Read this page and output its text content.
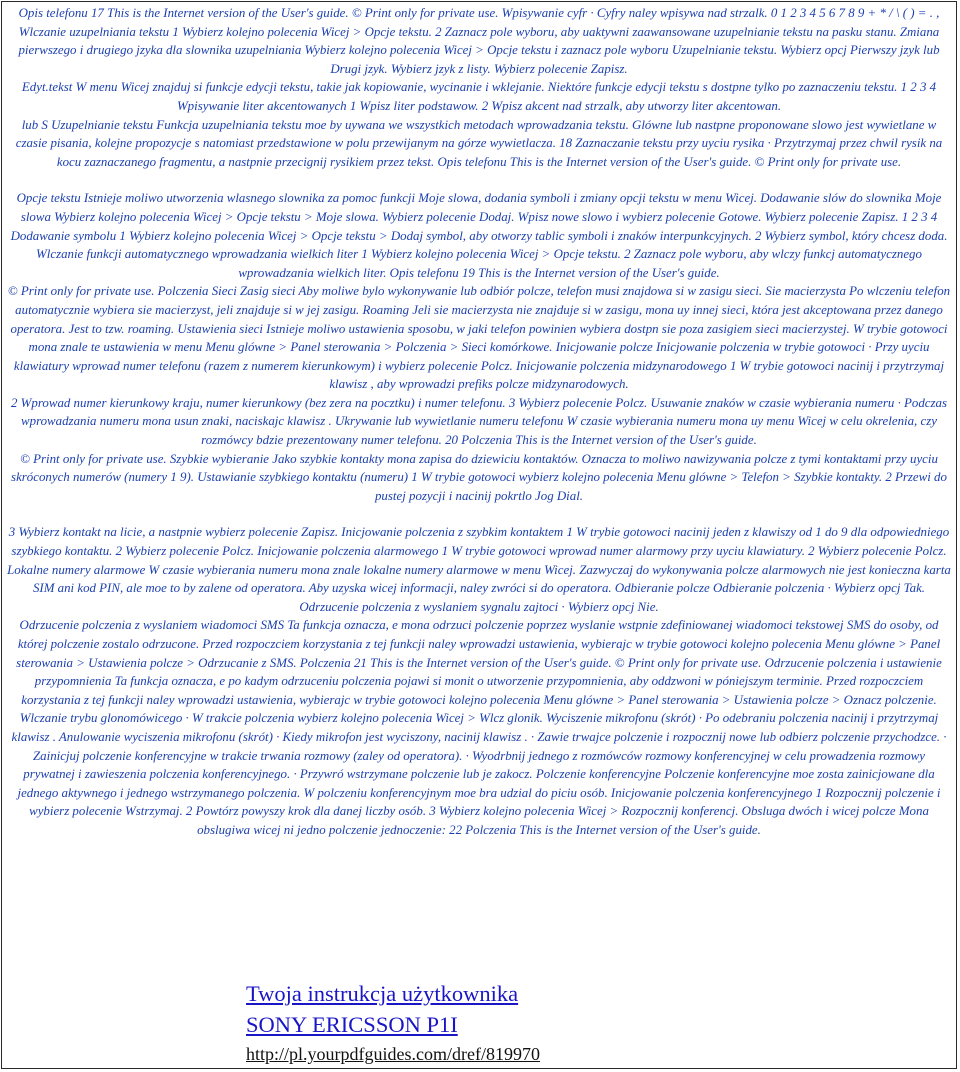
Opis telefonu 17 This is the Internet version of the User's guide. © Print only for private use. Wpisywanie cyfr · Cyfry naley wpisywa nad strzalk. 0 1 2 3 4 5 6 7 8 9 + * / \ ( ) = . , Wlczanie uzupelniania tekstu 1 Wybierz kolejno polecenia Wicej > Opcje tekstu. 2 Zaznacz pole wyboru, aby uaktywni zaawansowane uzupelnianie tekstu na pasku stanu. Zmiana pierwszego i drugiego jzyka dla slownika uzupelniania Wybierz kolejno polecenia Wicej > Opcje tekstu i zaznacz pole wyboru Uzupelnianie tekstu. Wybierz opcj Pierwszy jzyk lub Drugi jzyk. Wybierz jzyk z listy. Wybierz polecenie Zapisz.

Edyt.tekst W menu Wicej znajduj si funkcje edycji tekstu, takie jak kopiowanie, wycinanie i wklejanie. Niektóre funkcje edycji tekstu s dostpne tylko po zaznaczeniu tekstu. 1 2 3 4 Wpisywanie liter akcentowanych 1 Wpisz liter podstawow. 2 Wpisz akcent nad strzalk, aby utworzy liter akcentowan.

lub S Uzupelnianie tekstu Funkcja uzupelniania tekstu moe by uywana we wszystkich metodach wprowadzania tekstu. Glówne lub nastpne proponowane slowo jest wywietlane w czasie pisania, kolejne propozycje s natomiast przedstawione w polu przewijanym na górze wywietlacza. 18 Zaznaczanie tekstu przy uyciu rysika · Przytrzymaj przez chwil rysik na kocu zaznaczanego fragmentu, a nastpnie przecignij rysikiem przez tekst. Opis telefonu This is the Internet version of the User's guide. © Print only for private use.

Opcje tekstu Istnieje moliwo utworzenia wlasnego slownika za pomoc funkcji Moje slowa, dodania symboli i zmiany opcji tekstu w menu Wicej. Dodawanie slów do slownika Moje slowa Wybierz kolejno polecenia Wicej > Opcje tekstu > Moje slowa. Wybierz polecenie Dodaj. Wpisz nowe slowo i wybierz polecenie Gotowe. Wybierz polecenie Zapisz. 1 2 3 4 Dodawanie symbolu 1 Wybierz kolejno polecenia Wicej > Opcje tekstu > Dodaj symbol, aby otworzy tablic symboli i znaków interpunkcyjnych. 2 Wybierz symbol, który chcesz doda. Wlczanie funkcji automatycznego wprowadzania wielkich liter 1 Wybierz kolejno polecenia Wicej > Opcje tekstu. 2 Zaznacz pole wyboru, aby wlczy funkcj automatycznego wprowadzania wielkich liter. Opis telefonu 19 This is the Internet version of the User's guide.

© Print only for private use. Polczenia Sieci Zasig sieci Aby moliwe bylo wykonywanie lub odbiór polcze, telefon musi znajdowa si w zasigu sieci. Sie macierzysta Po wlczeniu telefon automatycznie wybiera sie macierzyst, jeli znajduje si w jej zasigu. Roaming Jeli sie macierzysta nie znajduje si w zasigu, mona uy innej sieci, która jest akceptowana przez danego operatora. Jest to tzw. roaming. Ustawienia sieci Istnieje moliwo ustawienia sposobu, w jaki telefon powinien wybiera dostpn sie poza zasigiem sieci macierzystej. W trybie gotowoci mona znale te ustawienia w menu Menu glówne > Panel sterowania > Polczenia > Sieci komórkowe. Inicjowanie polcze Inicjowanie polczenia w trybie gotowoci · Przy uyciu klawiatury wprowad numer telefonu (razem z numerem kierunkowym) i wybierz polecenie Polcz. Inicjowanie polczenia midzynarodowego 1 W trybie gotowoci nacinij i przytrzymaj klawisz , aby wprowadzi prefiks polcze midzynarodowych.

2 Wprowad numer kierunkowy kraju, numer kierunkowy (bez zera na pocztku) i numer telefonu. 3 Wybierz polecenie Polcz. Usuwanie znaków w czasie wybierania numeru · Podczas wprowadzania numeru mona usun znaki, naciskajc klawisz . Ukrywanie lub wywietlanie numeru telefonu W czasie wybierania numeru mona uy menu Wicej w celu okrelenia, czy rozmówcy bdzie prezentowany numer telefonu. 20 Polczenia This is the Internet version of the User's guide.

© Print only for private use. Szybkie wybieranie Jako szybkie kontakty mona zapisa do dziewiciu kontaktów. Oznacza to moliwo nawizywania polcze z tymi kontaktami przy uyciu skróconych numerów (numery 1 9). Ustawianie szybkiego kontaktu (numeru) 1 W trybie gotowoci wybierz kolejno polecenia Menu glówne > Telefon > Szybkie kontakty. 2 Przewi do pustej pozycji i nacinij pokrtlo Jog Dial.

3 Wybierz kontakt na licie, a nastpnie wybierz polecenie Zapisz. Inicjowanie polczenia z szybkim kontaktem 1 W trybie gotowoci nacinij jeden z klawiszy od 1 do 9 dla odpowiedniego szybkiego kontaktu. 2 Wybierz polecenie Polcz. Inicjowanie polczenia alarmowego 1 W trybie gotowoci wprowad numer alarmowy przy uyciu klawiatury. 2 Wybierz polecenie Polcz. Lokalne numery alarmowe W czasie wybierania numeru mona znale lokalne numery alarmowe w menu Wicej. Zazwyczaj do wykonywania polcze alarmowych nie jest konieczna karta SIM ani kod PIN, ale moe to by zalene od operatora. Aby uzyska wicej informacji, naley zwróci si do operatora. Odbieranie polcze Odbieranie polczenia · Wybierz opcj Tak. Odrzucenie polczenia z wyslaniem sygnalu zajtoci · Wybierz opcj Nie.

Odrzucenie polczenia z wyslaniem wiadomoci SMS Ta funkcja oznacza, e mona odrzuci polczenie poprzez wyslanie wstpnie zdefiniowanej wiadomoci tekstowej SMS do osoby, od której polczenie zostalo odrzucone. Przed rozpoczciem korzystania z tej funkcji naley wprowadzi ustawienia, wybierajc w trybie gotowoci kolejno polecenia Menu glówne > Panel sterowania > Ustawienia polcze > Odrzucanie z SMS. Polczenia 21 This is the Internet version of the User's guide. © Print only for private use. Odrzucenie polczenia i ustawienie przypomnienia Ta funkcja oznacza, e po kadym odrzuceniu polczenia pojawi si monit o utworzenie przypomnienia, aby oddzwoni w póniejszym terminie. Przed rozpoczciem korzystania z tej funkcji naley wprowadzi ustawienia, wybierajc w trybie gotowoci kolejno polecenia Menu glówne > Panel sterowania > Ustawienia polcze > Oznacz polczenie. Wlczanie trybu glonomówicego · W trakcie polczenia wybierz kolejno polecenia Wicej > Wlcz glonik. Wyciszenie mikrofonu (skrót) · Po odebraniu polczenia nacinij i przytrzymaj klawisz . Anulowanie wyciszenia mikrofonu (skrót) · Kiedy mikrofon jest wyciszony, nacinij klawisz . · Zawie trwajce polczenie i rozpocznij nowe lub odbierz polczenie przychodzce. · Zainicjuj polczenie konferencyjne w trakcie trwania rozmowy (zaley od operatora). · Wyodrbnij jednego z rozmówców rozmowy konferencyjnej w celu prowadzenia rozmowy prywatnej i zawieszenia polczenia konferencyjnego. · Przywró wstrzymane polczenie lub je zakocz. Polczenie konferencyjne Polczenie konferencyjne moe zosta zainicjowane dla jednego aktywnego i jednego wstrzymanego polczenia. W polczeniu konferencyjnym moe bra udzial do piciu osób. Inicjowanie polczenia konferencyjnego 1 Rozpocznij polczenie i wybierz polecenie Wstrzymaj. 2 Powtórz powyszy krok dla danej liczby osób. 3 Wybierz kolejno polecenia Wicej > Rozpocznij konferencj. Obsluga dwóch i wicej polcze Mona obslugiwa wicej ni jedno polczenie jednoczenie: 22 Polczenia This is the Internet version of the User's guide.

Twoja instrukcja użytkownika
SONY ERICSSON P1I
http://pl.yourpdfguides.com/dref/819970
